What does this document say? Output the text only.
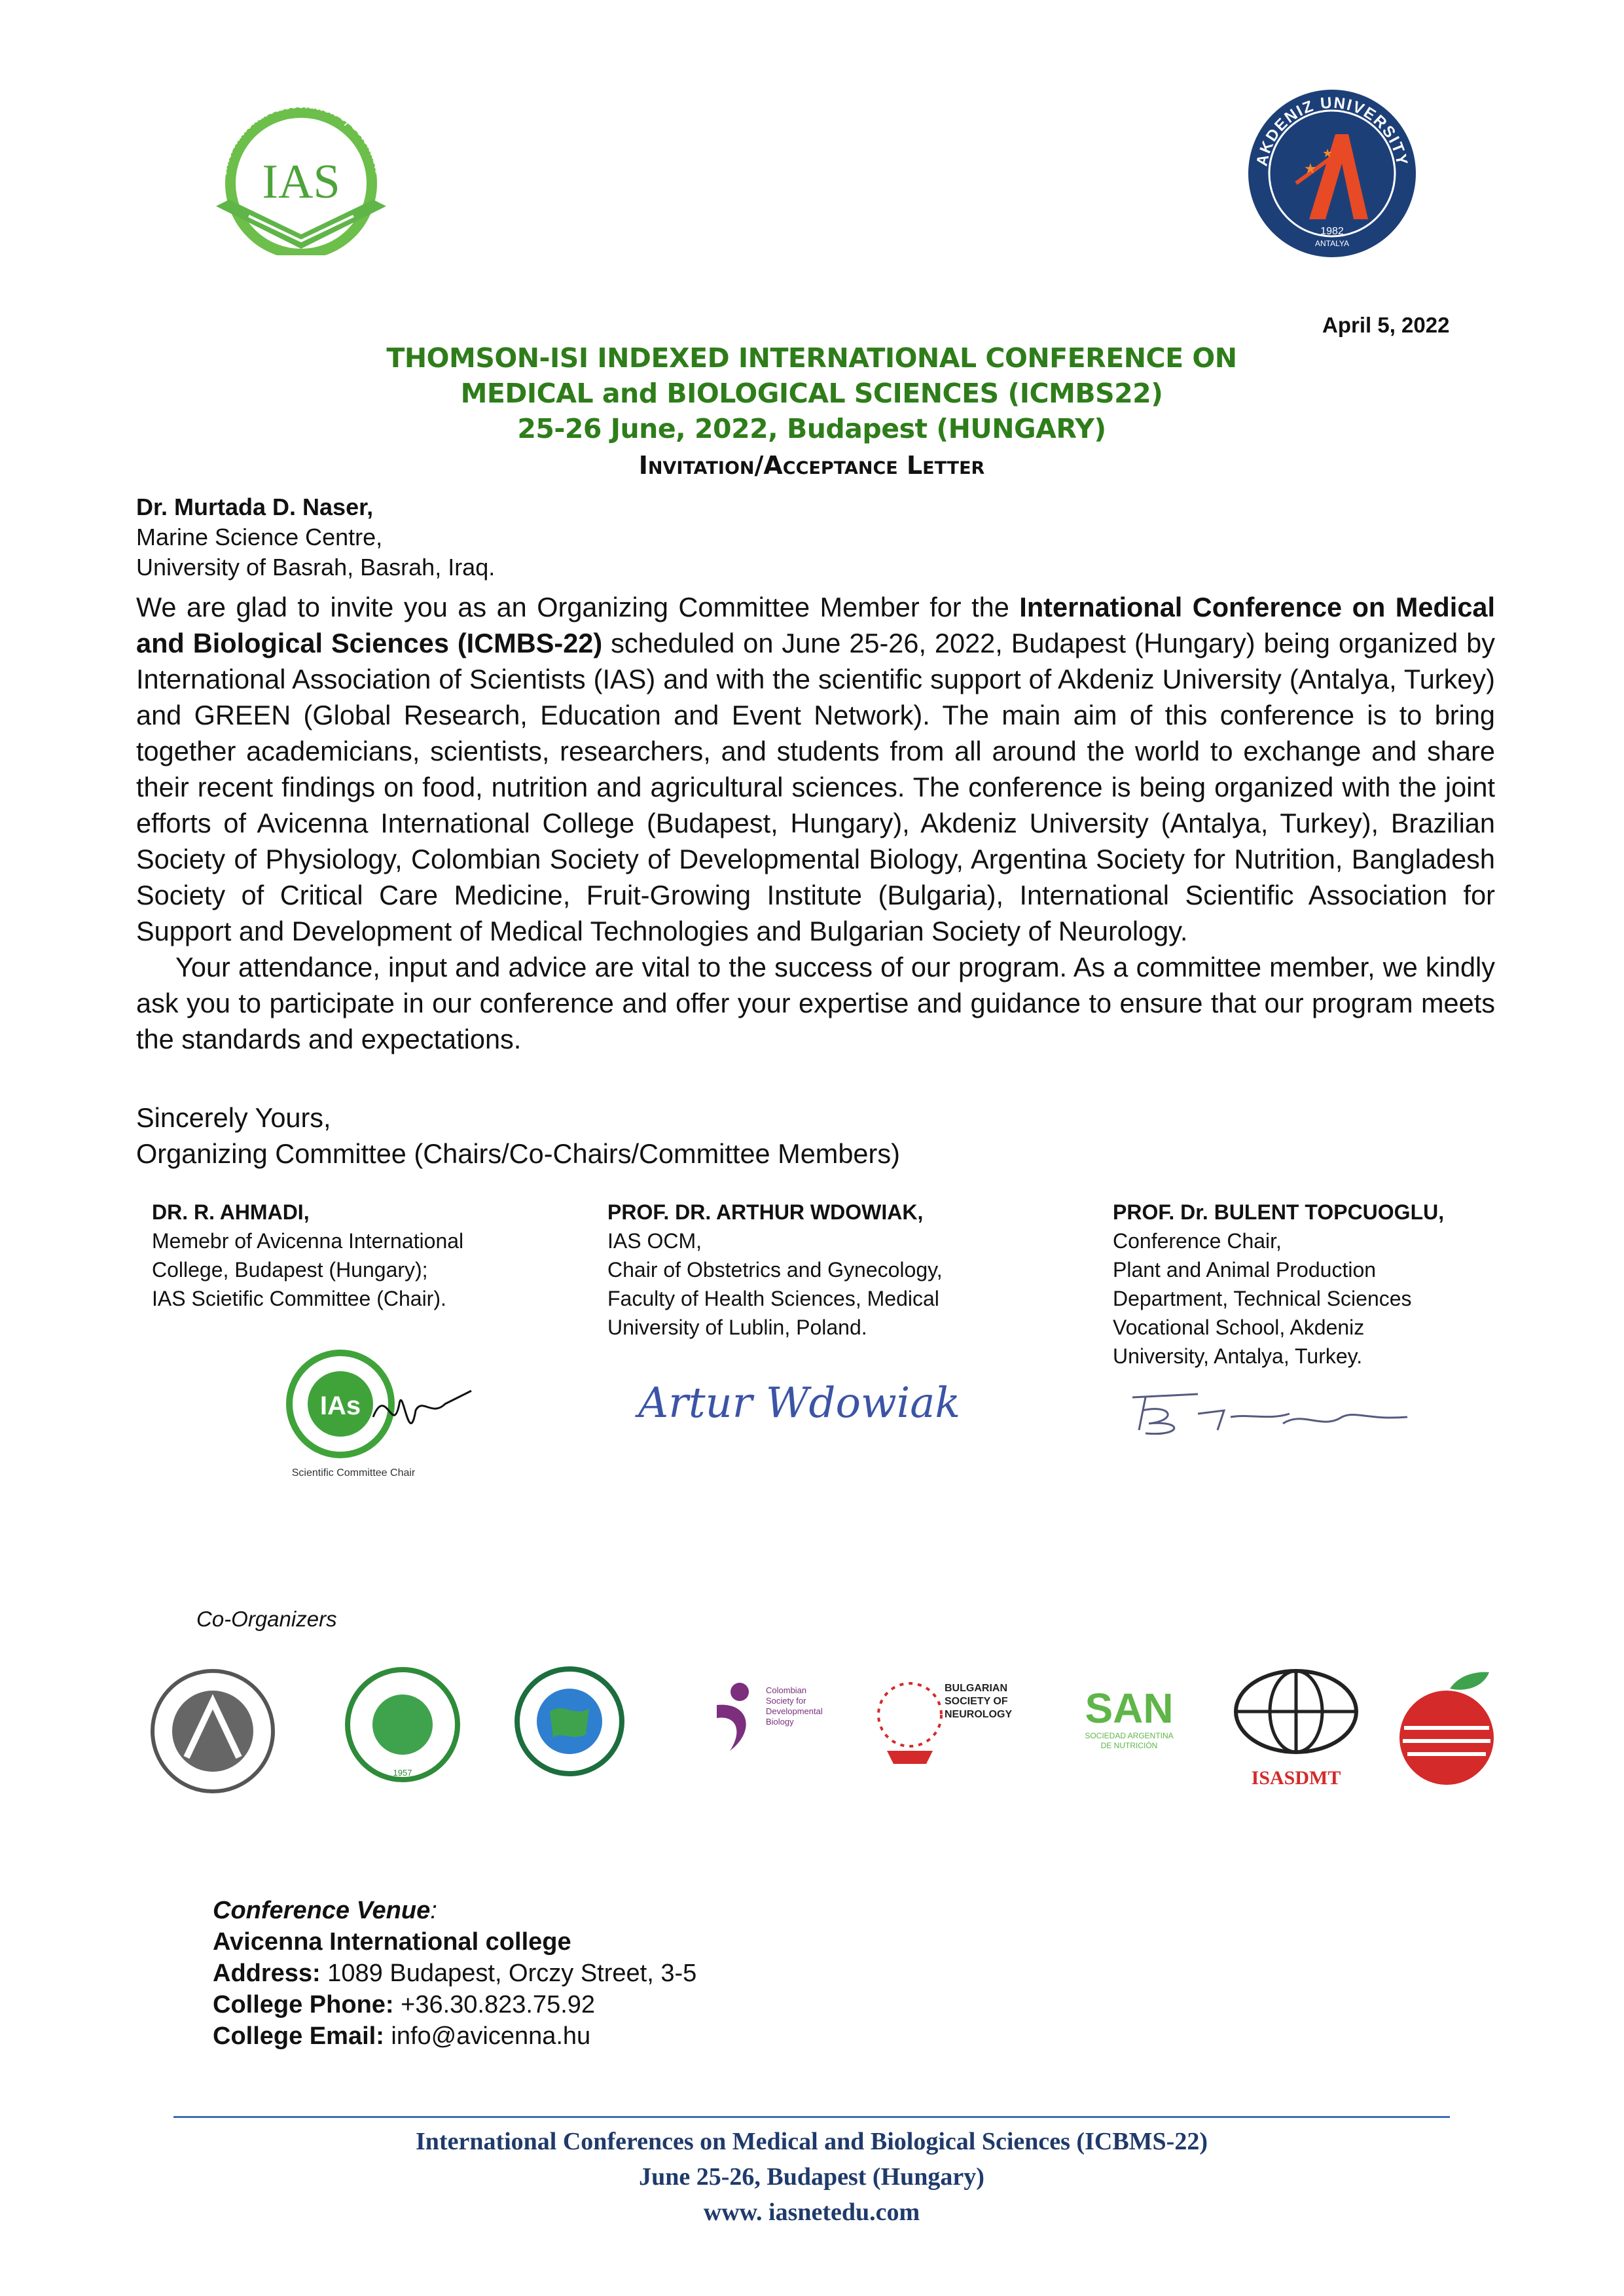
International Association of Scientists
IAS	AKDENIZ UNIVERSITY
★
★
1982
ANTALYA
April 5, 2022
THOMSON-ISI INDEXED INTERNATIONAL CONFERENCE ON
MEDICAL and BIOLOGICAL SCIENCES (ICMBS22)
25-26 June, 2022, Budapest (HUNGARY)
Invitation/Acceptance Letter
Dr. Murtada D. Naser,
Marine Science Centre,
University of Basrah, Basrah, Iraq.

We are glad to invite you as an Organizing Committee Member for the International Conference on Medical and Biological Sciences (ICMBS-22) scheduled on June 25-26, 2022, Budapest (Hungary) being organized by International Association of Scientists (IAS) and with the scientific support of Akdeniz University (Antalya, Turkey) and GREEN (Global Research, Education and Event Network). The main aim of this conference is to bring together academicians, scientists, researchers, and students from all around the world to exchange and share their recent findings on food, nutrition and agricultural sciences. The conference is being organized with the joint efforts of Avicenna International College (Budapest, Hungary), Akdeniz University (Antalya, Turkey), Brazilian Society of Physiology, Colombian Society of Developmental Biology, Argentina Society for Nutrition, Bangladesh Society of Critical Care Medicine, Fruit-Growing Institute (Bulgaria), International Scientific Association for Support and Development of Medical Technologies and Bulgarian Society of Neurology.

Your attendance, input and advice are vital to the success of our program. As a committee member, we kindly ask you to participate in our conference and offer your expertise and guidance to ensure that our program meets the standards and expectations.

Sincerely Yours,
Organizing Committee (Chairs/Co-Chairs/Committee Members)
DR. R. AHMADI,
Memebr of Avicenna International
College, Budapest (Hungary);
IAS Scietific Committee (Chair).
PROF. DR. ARTHUR WDOWIAK,
IAS OCM,
Chair of Obstetrics and Gynecology,
Faculty of Health Sciences, Medical
University of Lublin, Poland.
PROF. Dr. BULENT TOPCUOGLU,
Conference Chair,
Plant and Animal Production
Department, Technical Sciences
Vocational School, Akdeniz
University, Antalya, Turkey.
IAs
Scientific Committee Chair
Artur Wdowiak
Co-Organizers
1957
Colombian
Society for
Developmental
Biology
BULGARIAN
SOCIETY OF
NEUROLOGY	SAN
SOCIEDAD ARGENTINA
DE NUTRICIÓN
ISASDMT
Conference Venue:
Avicenna International college
Address: 1089 Budapest, Orczy Street, 3-5
College Phone: +36.30.823.75.92
College Email: info@avicenna.hu
International Conferences on Medical and Biological Sciences (ICBMS-22)
June 25-26, Budapest (Hungary)
www. iasnetedu.com
